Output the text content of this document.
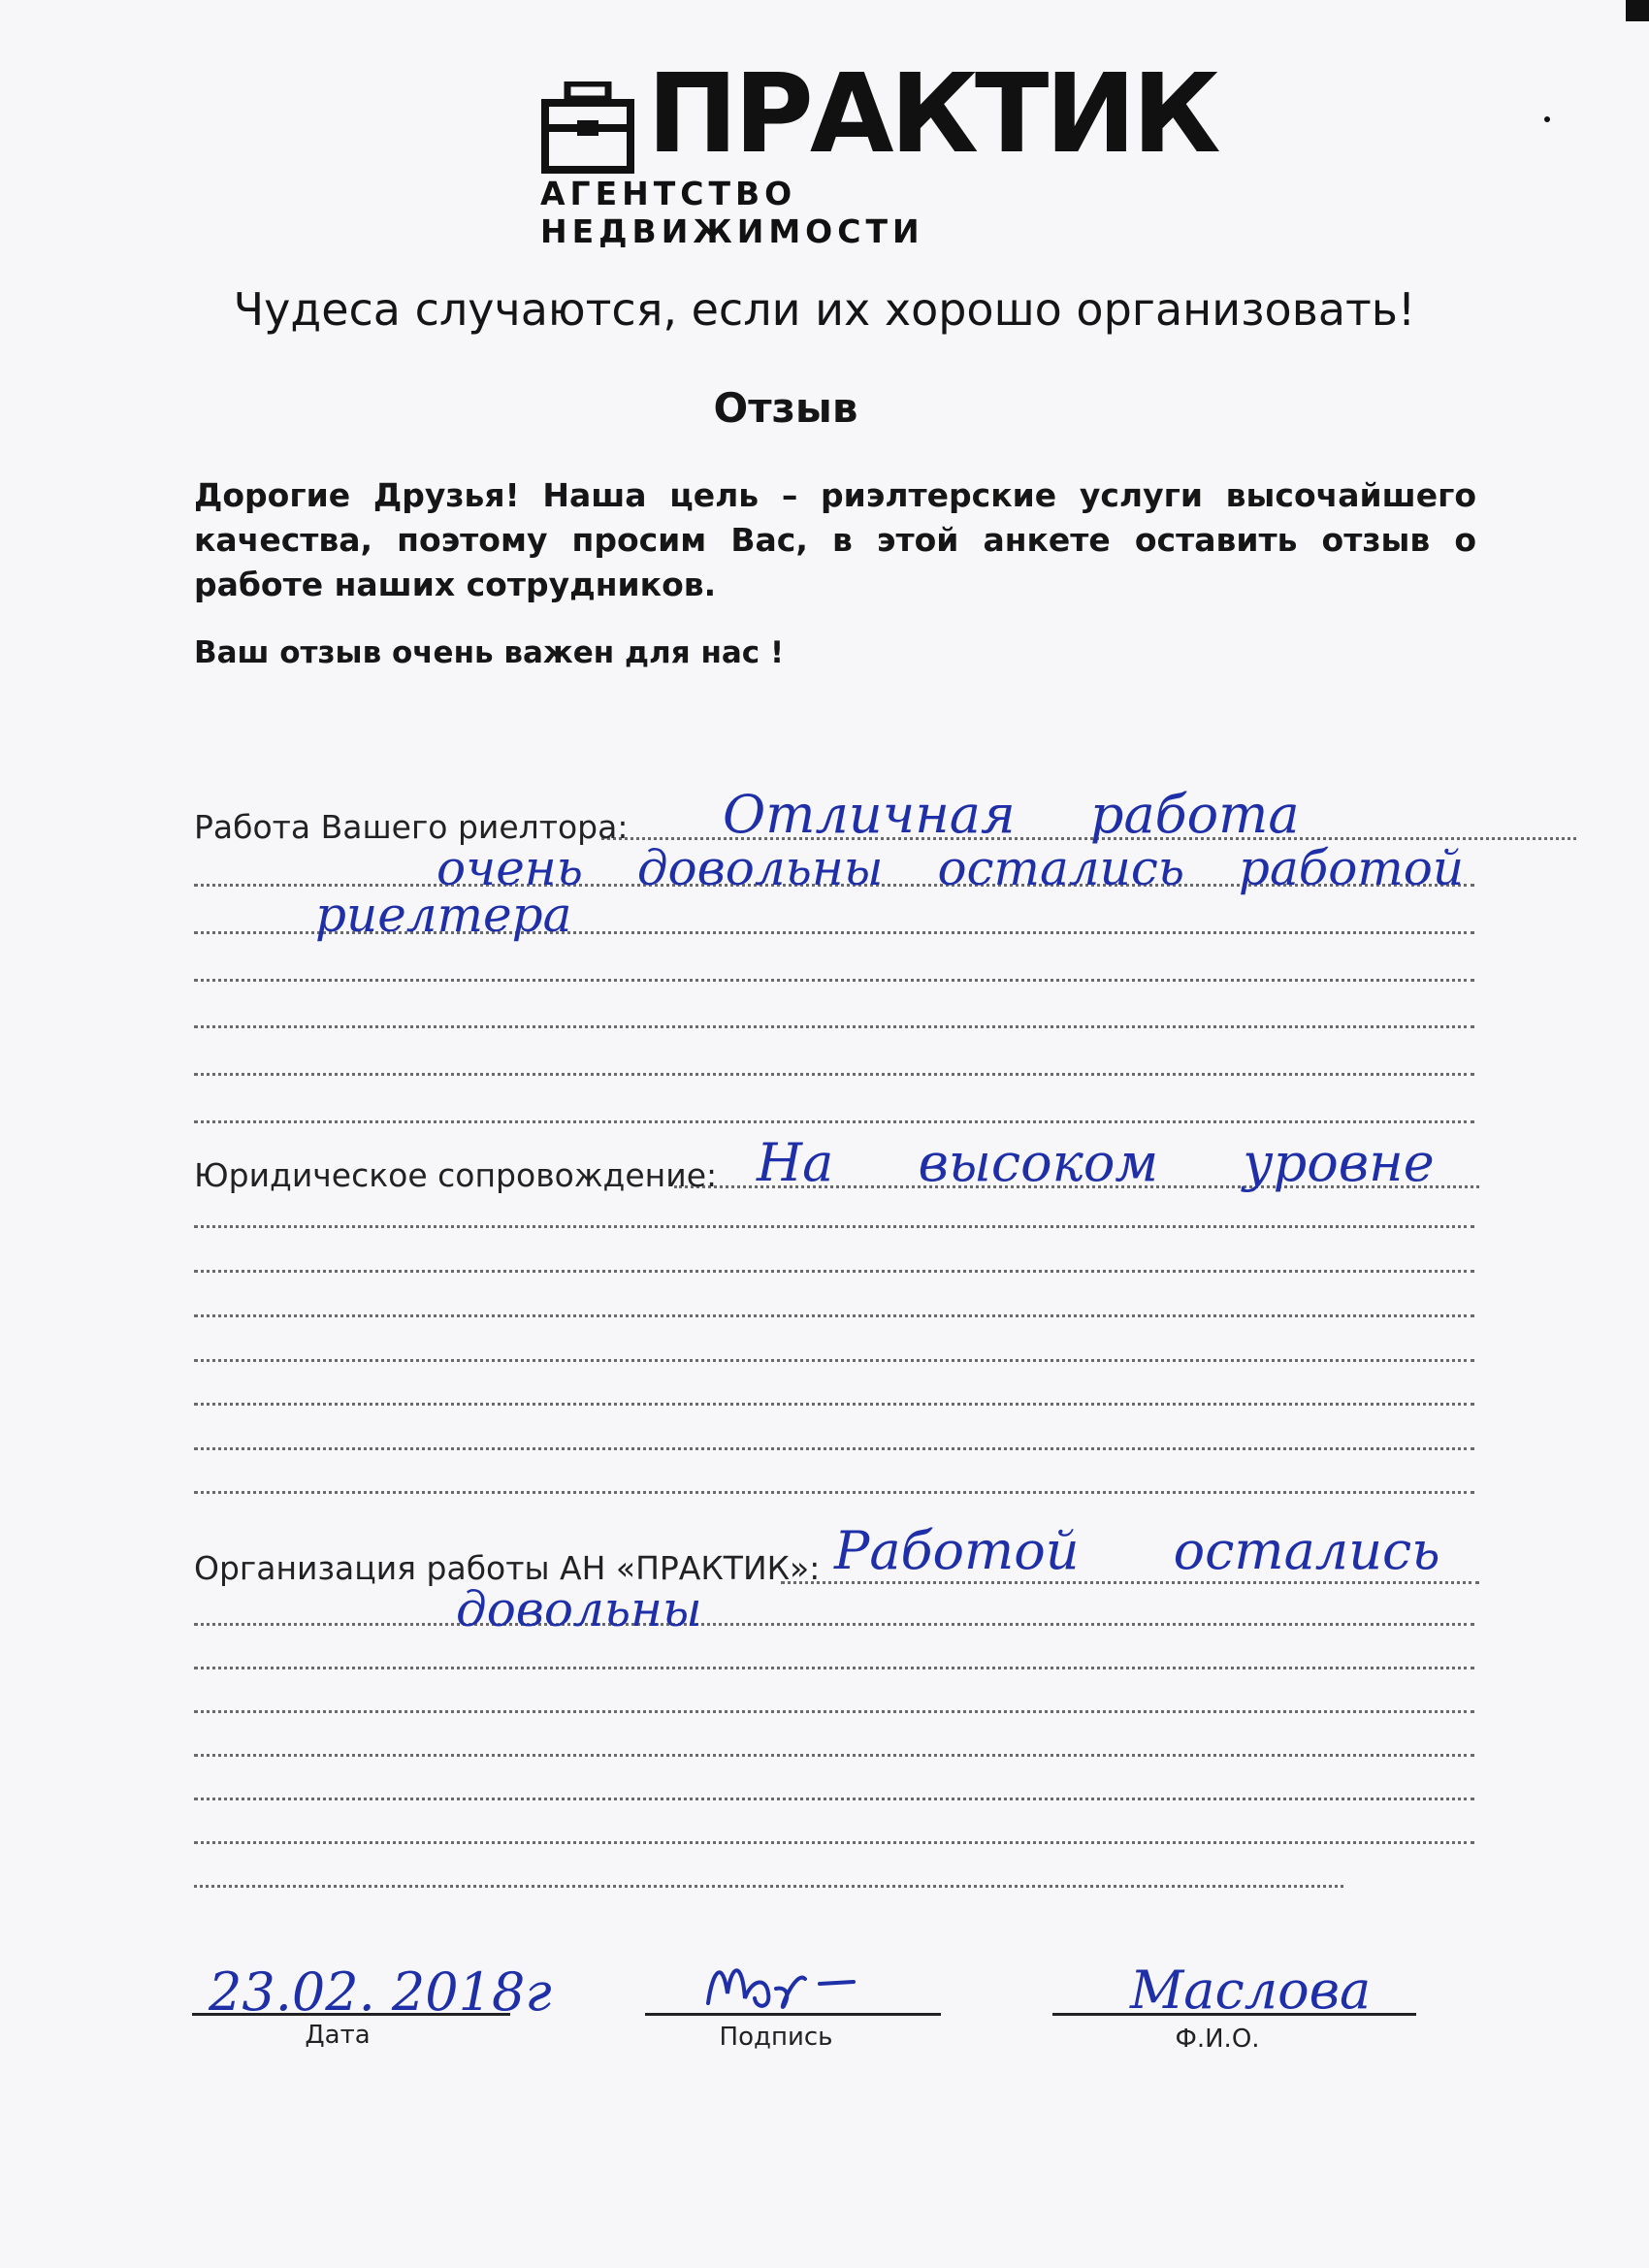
ПРАКТИК
АГЕНТСТВО НЕДВИЖИМОСТИ
Чудеса случаются, если их хорошо организовать!
Отзыв
Дорогие Друзья! Наша цель – риэлтерские услуги высочайшего качества, поэтому просим Вас, в этой анкете оставить отзыв о работе наших сотрудников.
Ваш отзыв очень важен для нас !
Работа Вашего риелтора: Отличная работа
очень довольны остались работой
риелтера
Юридическое сопровождение: На высоком уровне
Организация работы АН «ПРАКТИК»: Работой остались
довольны
23.02. 2018г
Дата	Подпись
Маслова
Ф.И.О.
